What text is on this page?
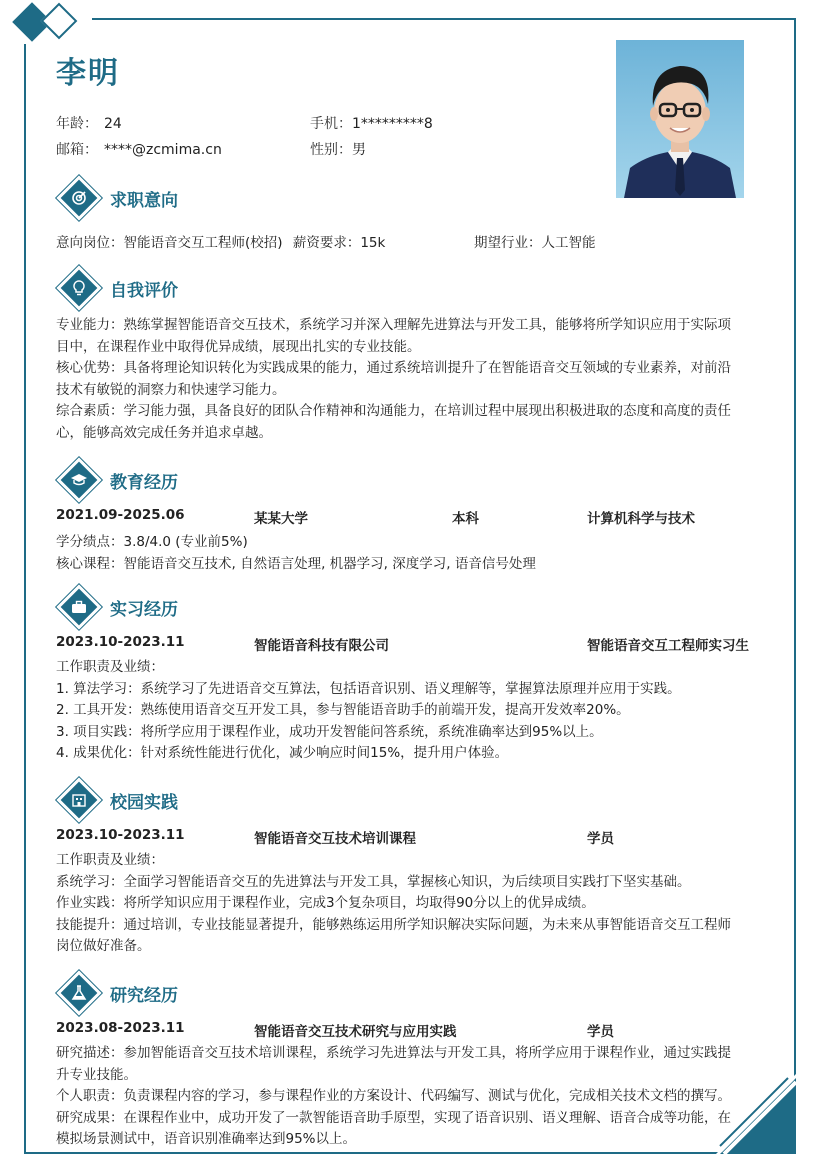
李明
年龄： 24	手机：1*********8
邮箱： ****@zcmima.cn	性别：男
求职意向
意向岗位：智能语音交互工程师(校招) 薪资要求：15k	期望行业：人工智能
自我评价
专业能力：熟练掌握智能语音交互技术，系统学习并深入理解先进算法与开发工具，能够将所学知识应用于实际项
目中，在课程作业中取得优异成绩，展现出扎实的专业技能。
核心优势：具备将理论知识转化为实践成果的能力，通过系统培训提升了在智能语音交互领域的专业素养，对前沿
技术有敏锐的洞察力和快速学习能力。
综合素质：学习能力强，具备良好的团队合作精神和沟通能力，在培训过程中展现出积极进取的态度和高度的责任
心，能够高效完成任务并追求卓越。
教育经历
2021.09-2025.06	某某大学	本科	计算机科学与技术
学分绩点：3.8/4.0 (专业前5%)
核心课程：智能语音交互技术, 自然语言处理, 机器学习, 深度学习, 语音信号处理
实习经历
2023.10-2023.11	智能语音科技有限公司	智能语音交互工程师实习生
工作职责及业绩：
1. 算法学习：系统学习了先进语音交互算法，包括语音识别、语义理解等，掌握算法原理并应用于实践。
2. 工具开发：熟练使用语音交互开发工具，参与智能语音助手的前端开发，提高开发效率20%。
3. 项目实践：将所学应用于课程作业，成功开发智能问答系统，系统准确率达到95%以上。
4. 成果优化：针对系统性能进行优化，减少响应时间15%，提升用户体验。
校园实践
2023.10-2023.11	智能语音交互技术培训课程	学员
工作职责及业绩：
系统学习：全面学习智能语音交互的先进算法与开发工具，掌握核心知识，为后续项目实践打下坚实基础。
作业实践：将所学知识应用于课程作业，完成3个复杂项目，均取得90分以上的优异成绩。
技能提升：通过培训，专业技能显著提升，能够熟练运用所学知识解决实际问题，为未来从事智能语音交互工程师
岗位做好准备。
研究经历
2023.08-2023.11	智能语音交互技术研究与应用实践	学员
研究描述：参加智能语音交互技术培训课程，系统学习先进算法与开发工具，将所学应用于课程作业，通过实践提
升专业技能。
个人职责：负责课程内容的学习，参与课程作业的方案设计、代码编写、测试与优化，完成相关技术文档的撰写。
研究成果：在课程作业中，成功开发了一款智能语音助手原型，实现了语音识别、语义理解、语音合成等功能，在
模拟场景测试中，语音识别准确率达到95%以上。
